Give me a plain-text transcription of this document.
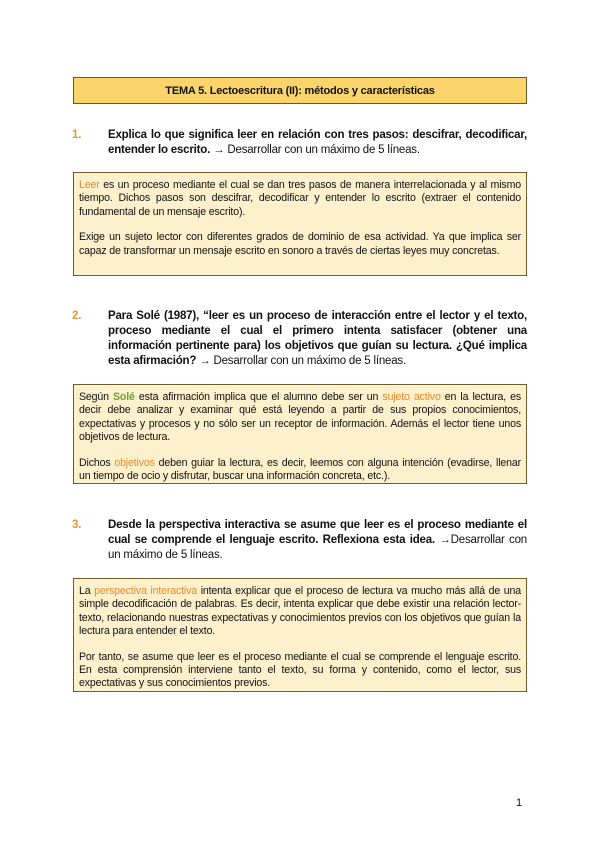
TEMA 5. Lectoescritura (II): métodos y características
1. Explica lo que significa leer en relación con tres pasos: descifrar, decodificar, entender lo escrito. → Desarrollar con un máximo de 5 líneas.

Leer es un proceso mediante el cual se dan tres pasos de manera interrelacionada y al mismo tiempo. Dichos pasos son descifrar, decodificar y entender lo escrito (extraer el contenido fundamental de un mensaje escrito).

Exige un sujeto lector con diferentes grados de dominio de esa actividad. Ya que implica ser capaz de transformar un mensaje escrito en sonoro a través de ciertas leyes muy concretas.

2. Para Solé (1987), “leer es un proceso de interacción entre el lector y el texto, proceso mediante el cual el primero intenta satisfacer (obtener una información pertinente para) los objetivos que guían su lectura. ¿Qué implica esta afirmación? → Desarrollar con un máximo de 5 líneas.

Según Solé esta afirmación implica que el alumno debe ser un sujeto activo en la lectura, es decir debe analizar y examinar qué está leyendo a partir de sus propios conocimientos, expectativas y procesos y no sólo ser un receptor de información. Además el lector tiene unos objetivos de lectura.

Dichos objetivos deben guiar la lectura, es decir, leemos con alguna intención (evadirse, llenar un tiempo de ocio y disfrutar, buscar una información concreta, etc.).

3. Desde la perspectiva interactiva se asume que leer es el proceso mediante el cual se comprende el lenguaje escrito. Reflexiona esta idea. →Desarrollar con un máximo de 5 líneas.

La perspectiva interactiva intenta explicar que el proceso de lectura va mucho más allá de una simple decodificación de palabras. Es decir, intenta explicar que debe existir una relación lector-texto, relacionando nuestras expectativas y conocimientos previos con los objetivos que guían la lectura para entender el texto.

Por tanto, se asume que leer es el proceso mediante el cual se comprende el lenguaje escrito. En esta comprensión interviene tanto el texto, su forma y contenido, como el lector, sus expectativas y sus conocimientos previos.

1
